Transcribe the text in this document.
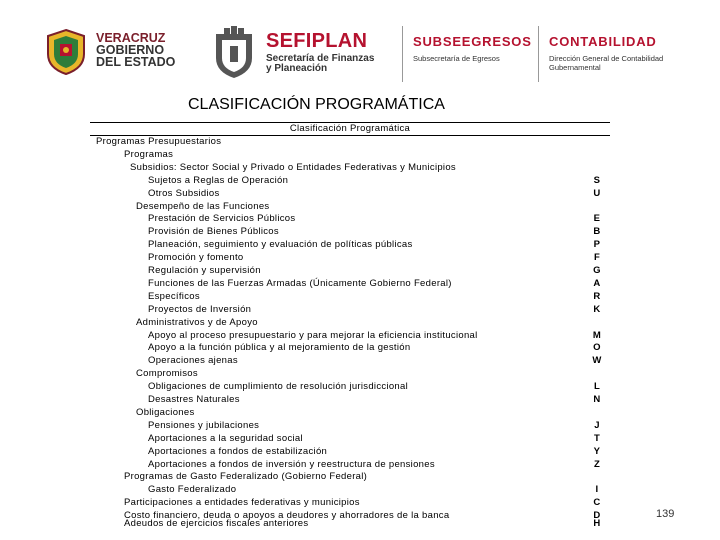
VERACRUZ
GOBIERNO
DEL ESTADO
SEFIPLAN
Secretaría de Finanzas
y Planeación
SUBSEEGRESOS
Subsecretaría de Egresos
CONTABILIDAD
Dirección General de Contabilidad
Gubernamental
CLASIFICACIÓN PROGRAMÁTICA
Clasificación Programática
Programas Presupuestarios
Programas
Subsidios: Sector Social y Privado o Entidades Federativas y Municipios
Sujetos a Reglas de Operación	S
Otros Subsidios	U
Desempeño de las Funciones
Prestación de Servicios Públicos	E
Provisión de Bienes Públicos	B
Planeación, seguimiento y evaluación de políticas públicas	P
Promoción y fomento	F
Regulación y supervisión	G
Funciones de las Fuerzas Armadas (Únicamente Gobierno Federal)	A
Específicos	R
Proyectos de Inversión	K
Administrativos y de Apoyo
Apoyo al proceso presupuestario y para mejorar la eficiencia institucional	M
Apoyo a la función pública y al mejoramiento de la gestión	O
Operaciones ajenas	W
Compromisos
Obligaciones de cumplimiento de resolución jurisdiccional	L
Desastres Naturales	N
Obligaciones
Pensiones y jubilaciones	J
Aportaciones a la seguridad social	T
Aportaciones a fondos de estabilización	Y
Aportaciones a fondos de inversión y reestructura de pensiones	Z
Programas de Gasto Federalizado (Gobierno Federal)
Gasto Federalizado	I
Participaciones a entidades federativas y municipios	C
Costo financiero, deuda o apoyos a deudores y ahorradores de la banca	D
Adeudos de ejercicios fiscales anteriores	H
139
